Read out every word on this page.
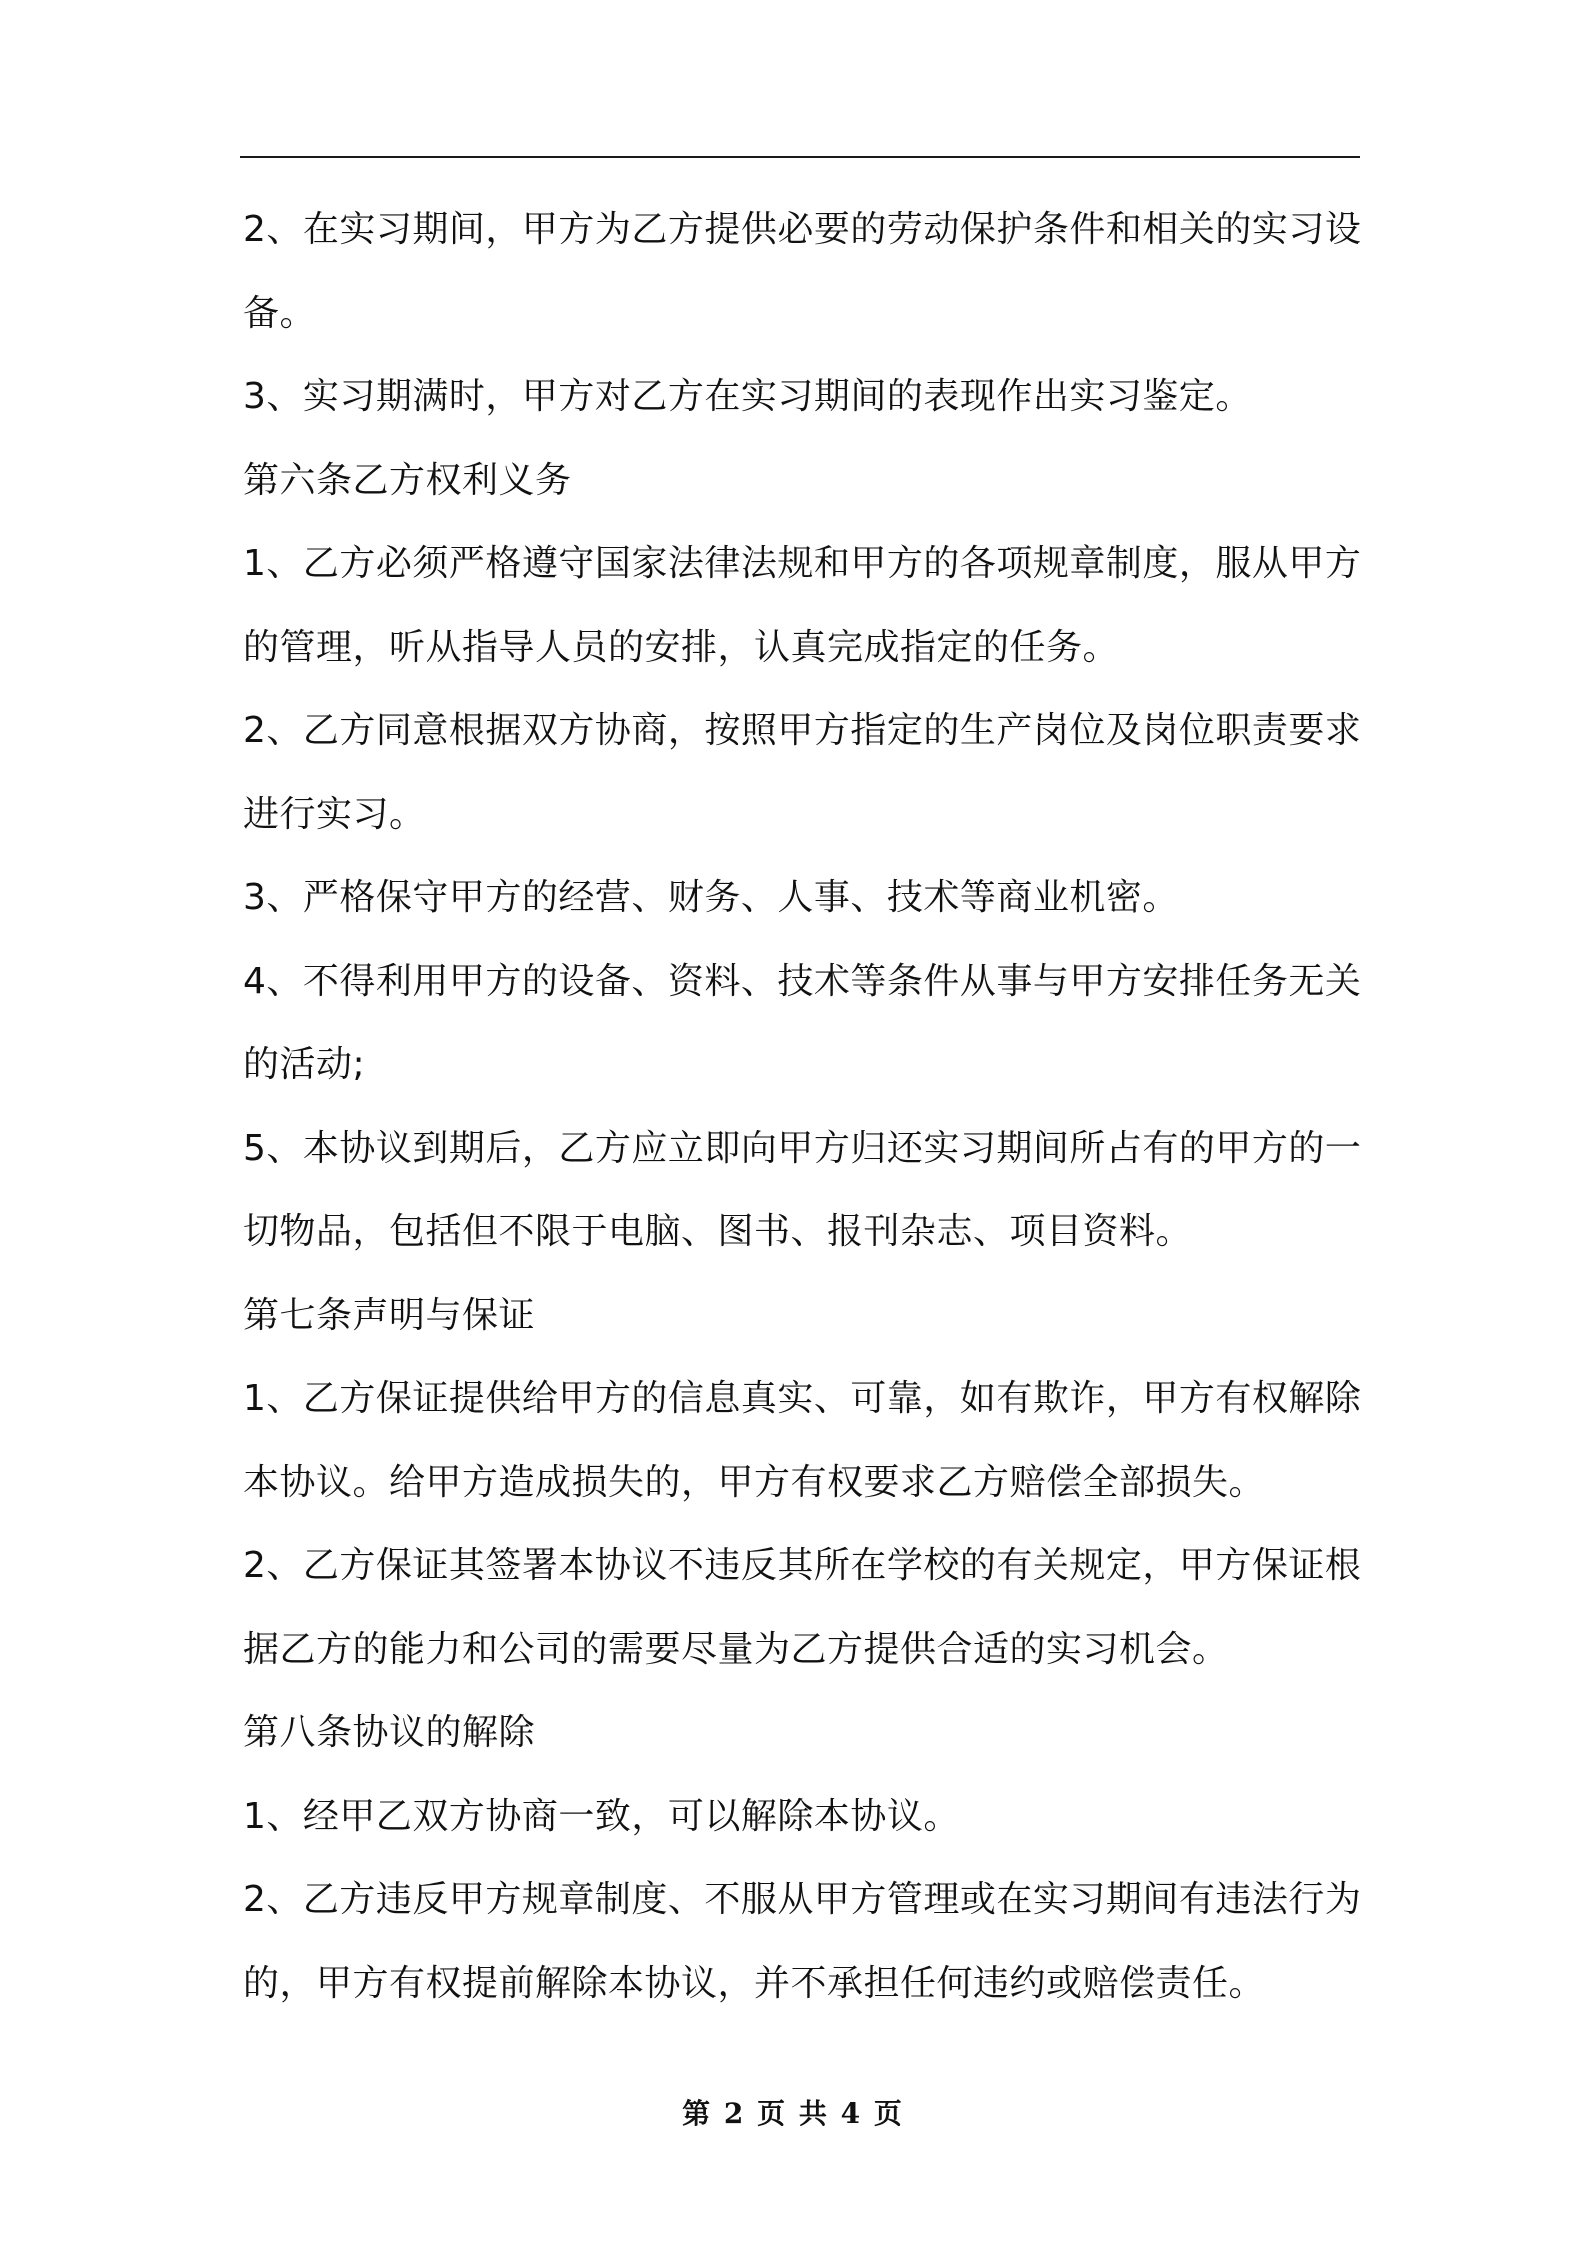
2、在实习期间，甲方为乙方提供必要的劳动保护条件和相关的实习设备。

3、实习期满时，甲方对乙方在实习期间的表现作出实习鉴定。

第六条乙方权利义务

1、乙方必须严格遵守国家法律法规和甲方的各项规章制度，服从甲方的管理，听从指导人员的安排，认真完成指定的任务。

2、乙方同意根据双方协商，按照甲方指定的生产岗位及岗位职责要求进行实习。

3、严格保守甲方的经营、财务、人事、技术等商业机密。

4、不得利用甲方的设备、资料、技术等条件从事与甲方安排任务无关的活动;

5、本协议到期后，乙方应立即向甲方归还实习期间所占有的甲方的一切物品，包括但不限于电脑、图书、报刊杂志、项目资料。

第七条声明与保证

1、乙方保证提供给甲方的信息真实、可靠，如有欺诈，甲方有权解除本协议。给甲方造成损失的，甲方有权要求乙方赔偿全部损失。

2、乙方保证其签署本协议不违反其所在学校的有关规定，甲方保证根据乙方的能力和公司的需要尽量为乙方提供合适的实习机会。

第八条协议的解除

1、经甲乙双方协商一致，可以解除本协议。

2、乙方违反甲方规章制度、不服从甲方管理或在实习期间有违法行为的，甲方有权提前解除本协议，并不承担任何违约或赔偿责任。

第 2 页 共 4 页
